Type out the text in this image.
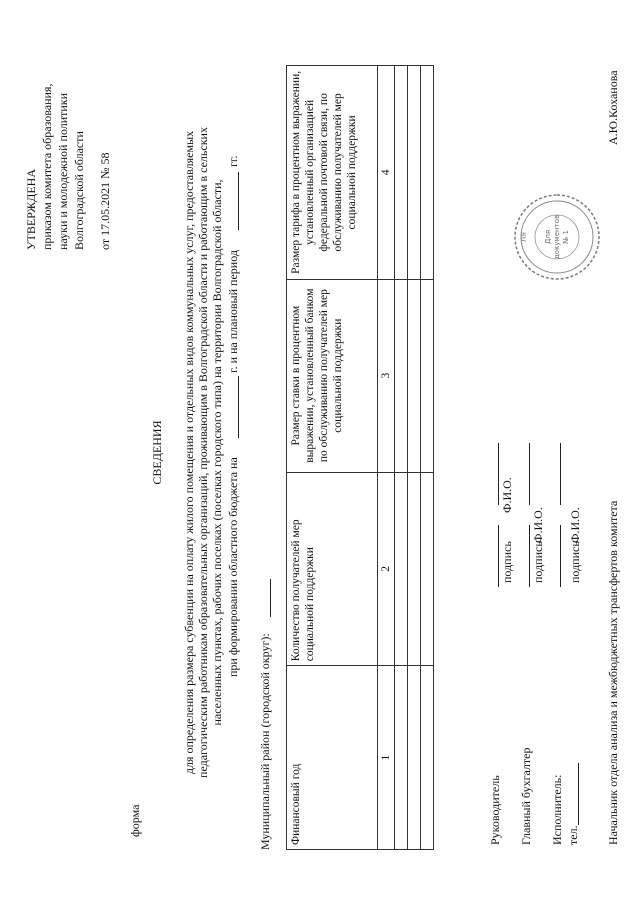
УТВЕРЖДЕНА приказом комитета образования, науки и молодежной политики Волгоградской области от 17.05.2021 № 58
форма
СВЕДЕНИЯ для определения размера субвенции на оплату жилого помещения и отдельных видов коммунальных услуг, предоставляемых педагогическим работникам образовательных организаций, проживающим в Волгоградской области и работающим в сельских населенных пунктах, рабочих поселках (поселках городского типа) на территории Волгоградской области, при формировании областного бюджета на
г. и на плановый период
гг.
Муниципальный район (городской округ): Финансовый год	Количество получателей мер социальной поддержки	Размер ставки в процентном выражении, установленный банком по обслуживанию получателей мер социальной поддержки	Размер тарифа в процентном выражении, установленный организацией федеральной почтовой связи, по обслуживанию получателей мер социальной поддержки
1	2	3	4

Руководитель
подпись
Ф.И.О.
Главный бухгалтер
подпись
Ф.И.О.
Исполнитель: тел.
подпись
Ф.И.О.
ЛЯ Для документов № 1
Начальник отдела анализа и межбюджетных трансфертов комитета
А.Ю.Коханова
